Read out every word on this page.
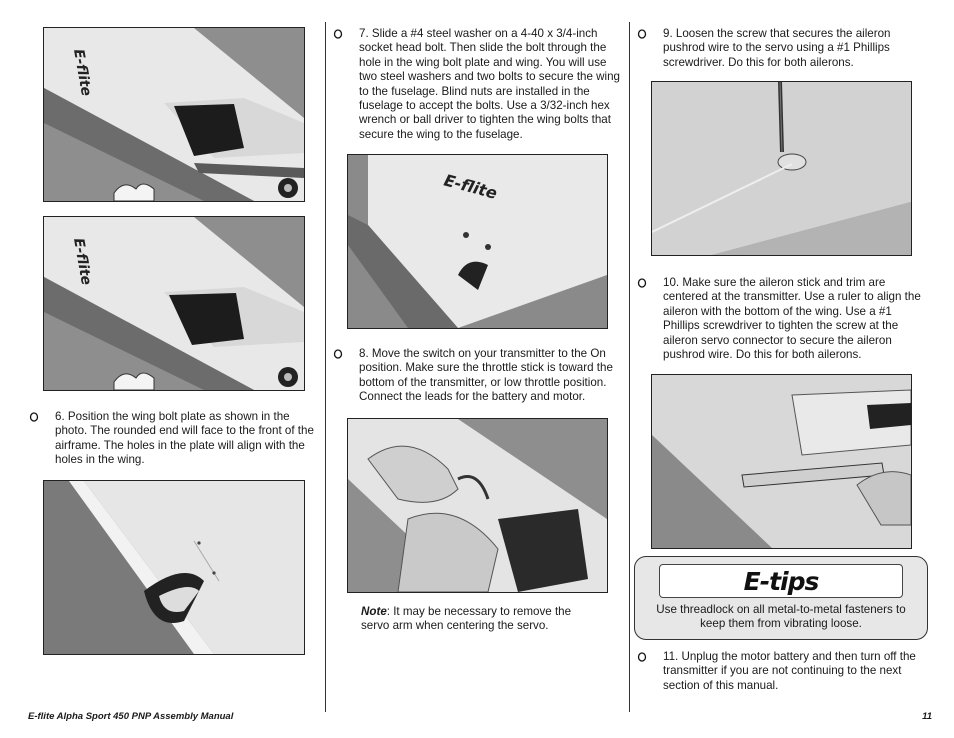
E-flite
E-flite
6. Position the wing bolt plate as shown in the photo. The rounded end will face to the front of the airframe. The holes in the plate will align with the holes in the wing.
7. Slide a #4 steel washer on a 4-40 x 3/4-inch socket head bolt. Then slide the bolt through the hole in the wing bolt plate and wing. You will use two steel washers and two bolts to secure the wing to the fuselage. Blind nuts are installed in the fuselage to accept the bolts. Use a 3/32-inch hex wrench or ball driver to tighten the wing bolts that secure the wing to the fuselage.
E-flite
8. Move the switch on your transmitter to the On position. Make sure the throttle stick is toward the bottom of the transmitter, or low throttle position. Connect the leads for the battery and motor.
Note: It may be necessary to remove the servo arm when centering the servo.
9. Loosen the screw that secures the aileron pushrod wire to the servo using a #1 Phillips screwdriver. Do this for both ailerons.
10. Make sure the aileron stick and trim are centered at the transmitter. Use a ruler to align the aileron with the bottom of the wing. Use a #1 Phillips screwdriver to tighten the screw at the aileron servo connector to secure the aileron pushrod wire. Do this for both ailerons.
E-tips
Use threadlock on all metal-to-metal fasteners to keep them from vibrating loose.
11. Unplug the motor battery and then turn off the transmitter if you are not continuing to the next section of this manual.
E-flite Alpha Sport 450 PNP Assembly Manual	11
